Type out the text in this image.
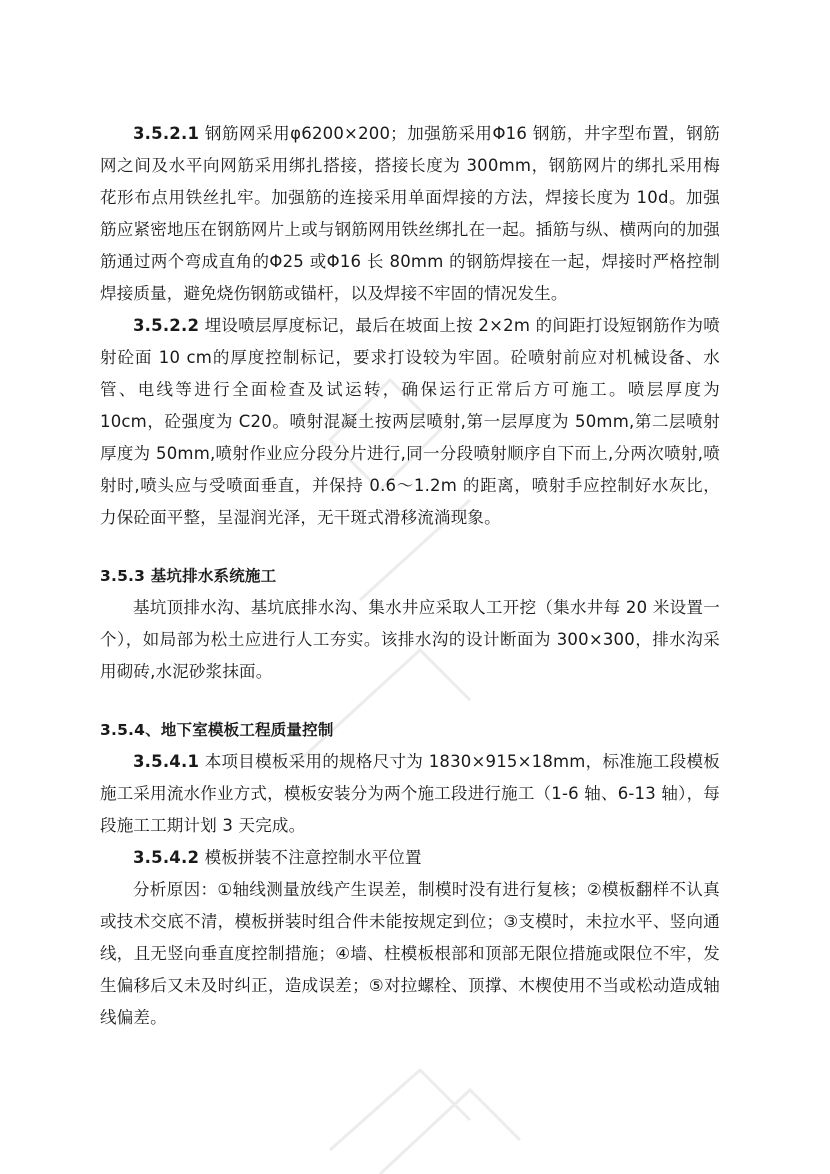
3.5.2.1 钢筋网采用φ6200×200；加强筋采用Φ16 钢筋，井字型布置，钢筋网之间及水平向网筋采用绑扎搭接，搭接长度为 300mm，钢筋网片的绑扎采用梅花形布点用铁丝扎牢。加强筋的连接采用单面焊接的方法，焊接长度为 10d。加强筋应紧密地压在钢筋网片上或与钢筋网用铁丝绑扎在一起。插筋与纵、横两向的加强筋通过两个弯成直角的Φ25 或Φ16 长 80mm 的钢筋焊接在一起，焊接时严格控制焊接质量，避免烧伤钢筋或锚杆，以及焊接不牢固的情况发生。

3.5.2.2 埋设喷层厚度标记，最后在坡面上按 2×2m 的间距打设短钢筋作为喷射砼面 10 cm的厚度控制标记，要求打设较为牢固。砼喷射前应对机械设备、水管、电线等进行全面检查及试运转，确保运行正常后方可施工。喷层厚度为 10cm，砼强度为 C20。喷射混凝土按两层喷射,第一层厚度为 50mm,第二层喷射厚度为 50mm,喷射作业应分段分片进行,同一分段喷射顺序自下而上,分两次喷射,喷射时,喷头应与受喷面垂直，并保持 0.6～1.2m 的距离，喷射手应控制好水灰比，力保砼面平整，呈湿润光泽，无干斑式滑移流淌现象。

3.5.3 基坑排水系统施工

基坑顶排水沟、基坑底排水沟、集水井应采取人工开挖（集水井每 20 米设置一个），如局部为松土应进行人工夯实。该排水沟的设计断面为 300×300，排水沟采用砌砖,水泥砂浆抹面。

3.5.4、地下室模板工程质量控制

3.5.4.1 本项目模板采用的规格尺寸为 1830×915×18mm，标准施工段模板施工采用流水作业方式，模板安装分为两个施工段进行施工（1-6 轴、6-13 轴），每段施工工期计划 3 天完成。

3.5.4.2 模板拼装不注意控制水平位置

分析原因：①轴线测量放线产生误差，制模时没有进行复核；②模板翻样不认真或技术交底不清，模板拼装时组合件未能按规定到位；③支模时，未拉水平、竖向通线，且无竖向垂直度控制措施；④墙、柱模板根部和顶部无限位措施或限位不牢，发生偏移后又未及时纠正，造成误差；⑤对拉螺栓、顶撑、木楔使用不当或松动造成轴线偏差。
